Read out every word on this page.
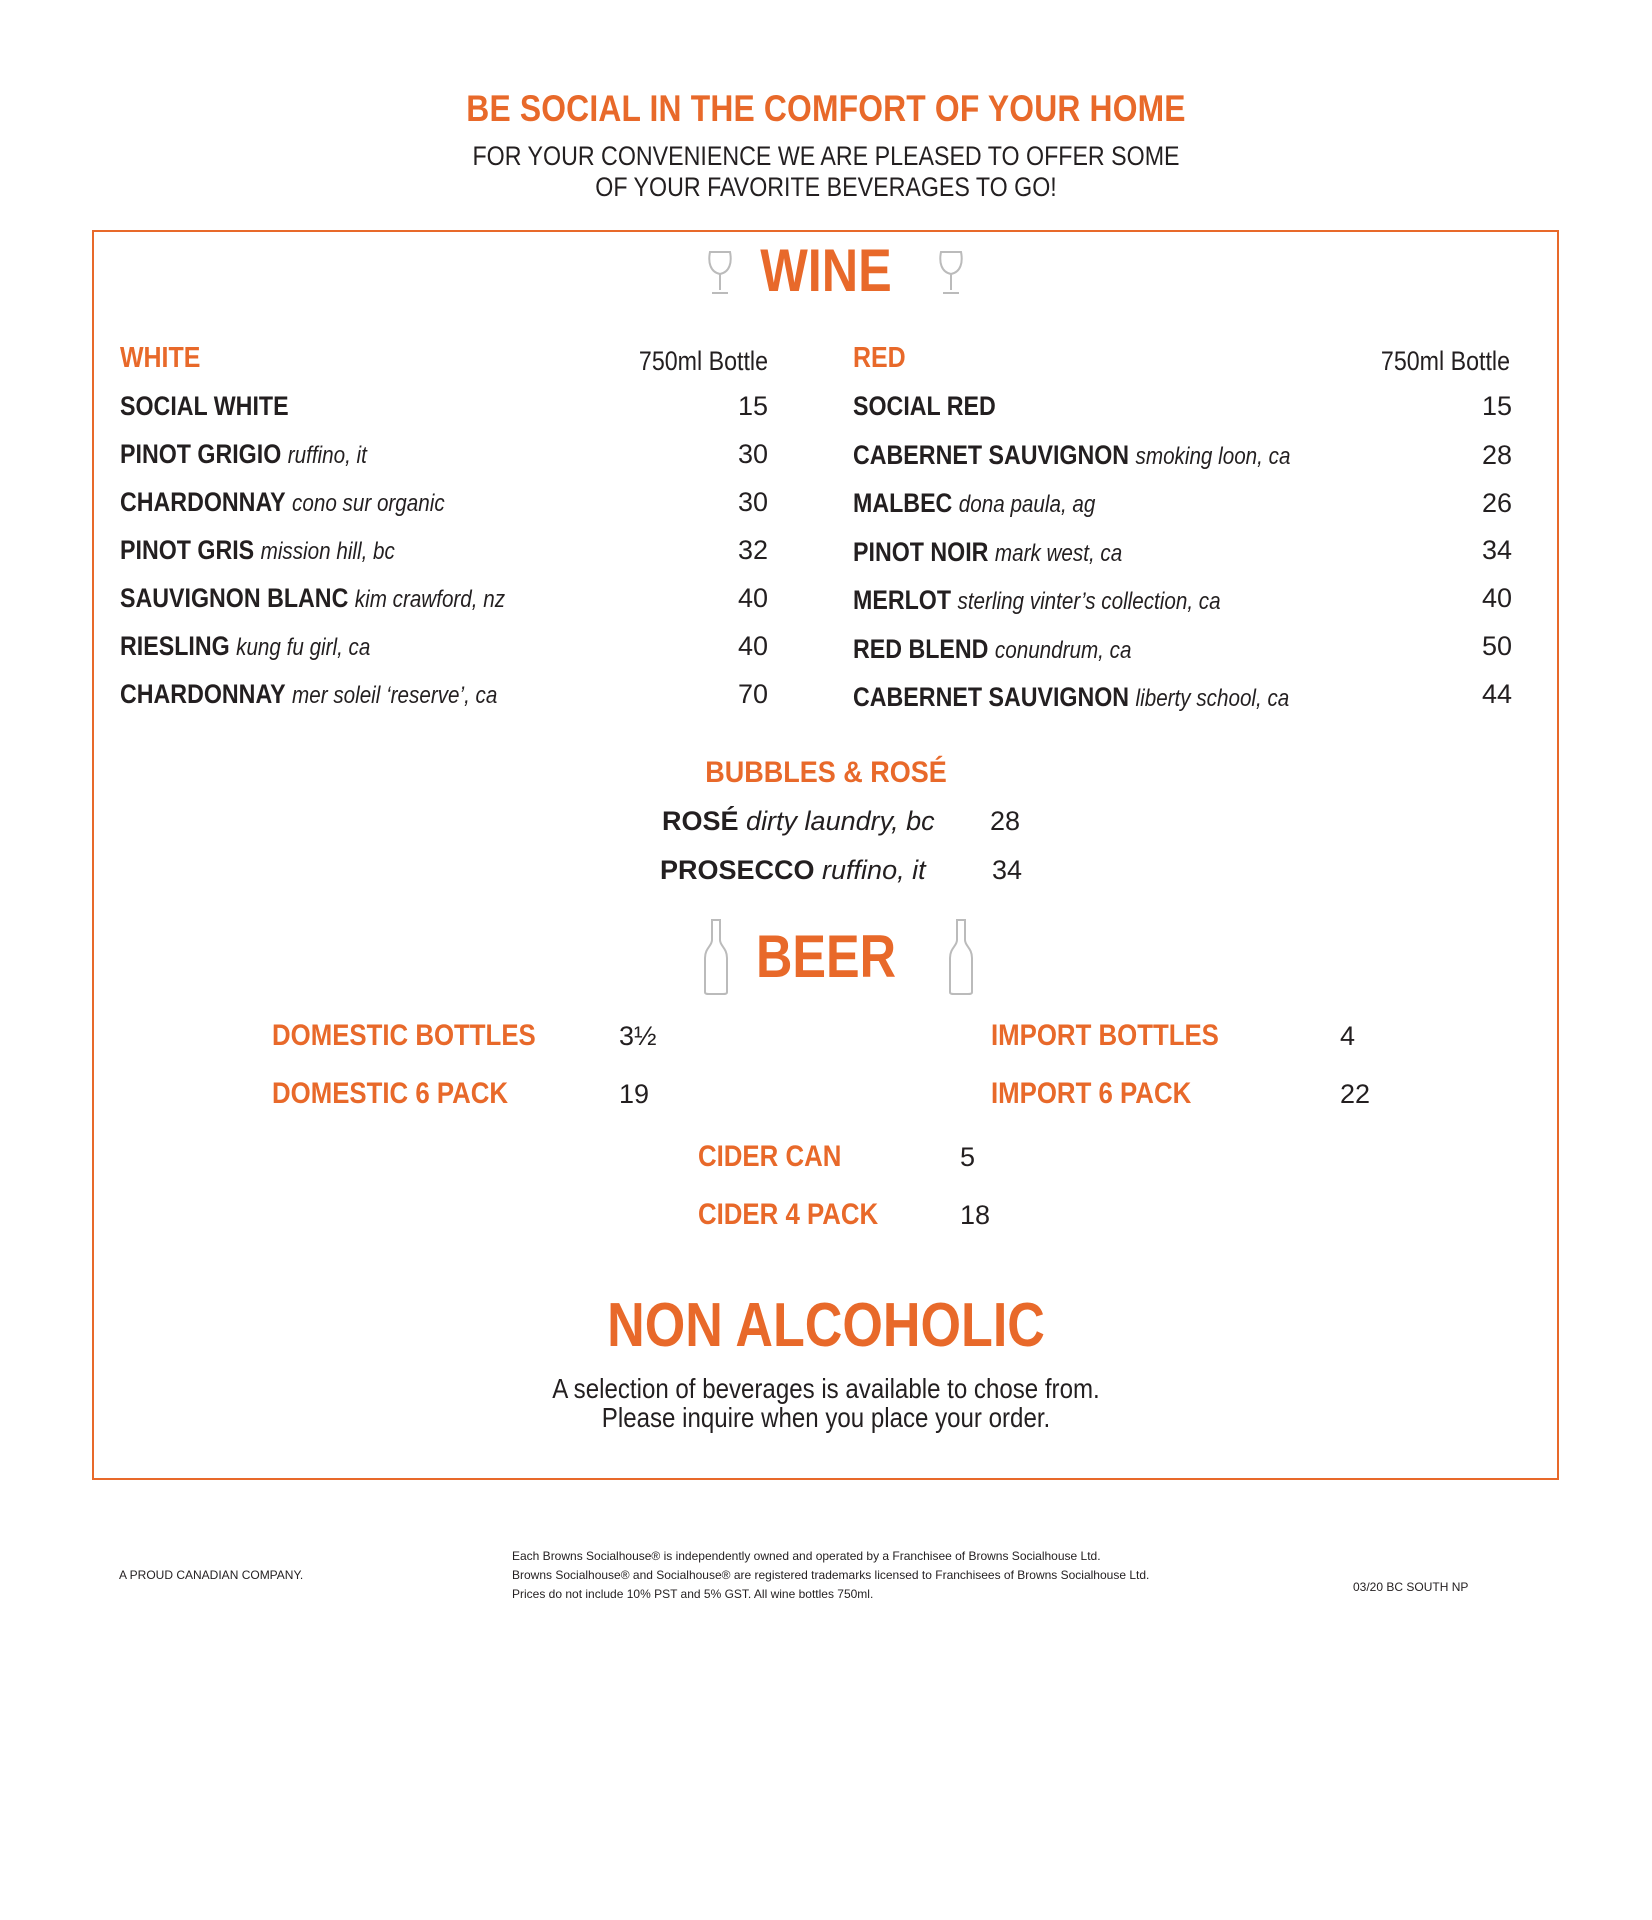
BE SOCIAL IN THE COMFORT OF YOUR HOME
FOR YOUR CONVENIENCE WE ARE PLEASED TO OFFER SOME
OF YOUR FAVORITE BEVERAGES TO GO!
WINE
WHITE	750ml Bottle
SOCIAL WHITE	15
PINOT GRIGIO ruffino, it	30
CHARDONNAY cono sur organic	30
PINOT GRIS mission hill, bc	32
SAUVIGNON BLANC kim crawford, nz	40
RIESLING kung fu girl, ca	40
CHARDONNAY mer soleil ‘reserve’, ca	70
RED	750ml Bottle
SOCIAL RED	15
CABERNET SAUVIGNON smoking loon, ca	28
MALBEC dona paula, ag	26
PINOT NOIR mark west, ca	34
MERLOT sterling vinter’s collection, ca	40
RED BLEND conundrum, ca	50
CABERNET SAUVIGNON liberty school, ca	44
BUBBLES & ROSÉ
ROSÉ dirty laundry, bc 28
PROSECCO ruffino, it 34
BEER
DOMESTIC BOTTLES	3½
DOMESTIC 6 PACK	19
IMPORT BOTTLES	4
IMPORT 6 PACK	22
CIDER CAN	5
CIDER 4 PACK	18
NON ALCOHOLIC
A selection of beverages is available to chose from.
Please inquire when you place your order.
A PROUD CANADIAN COMPANY.
Each Browns Socialhouse® is independently owned and operated by a Franchisee of Browns Socialhouse Ltd.
Browns Socialhouse® and Socialhouse® are registered trademarks licensed to Franchisees of Browns Socialhouse Ltd.
Prices do not include 10% PST and 5% GST. All wine bottles 750ml.	03/20 BC SOUTH NP
